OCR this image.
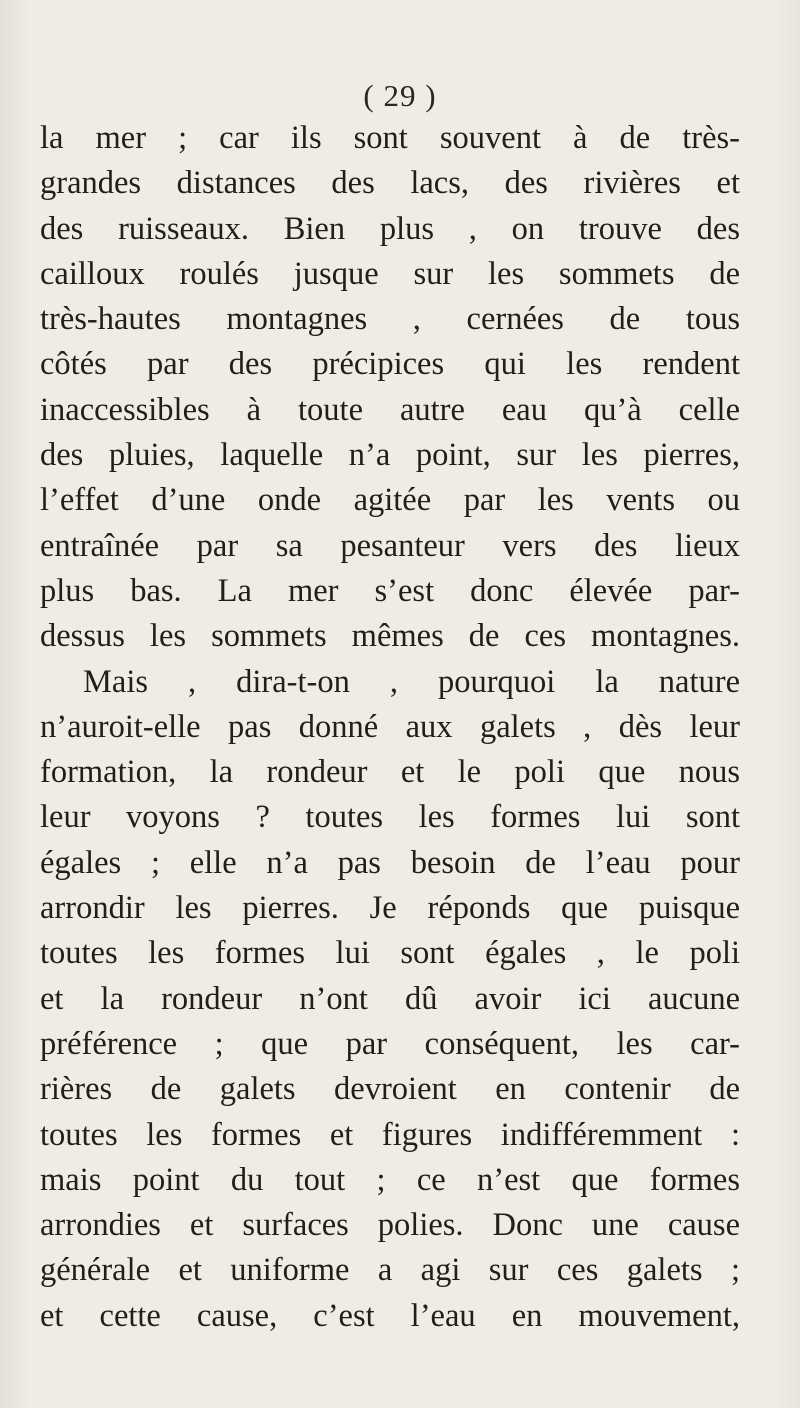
( 29 )
la mer ; car ils sont souvent à de très-
grandes distances des lacs, des rivières et
des ruisseaux. Bien plus , on trouve des
cailloux roulés jusque sur les sommets de
très-hautes montagnes , cernées de tous
côtés par des précipices qui les rendent
inaccessibles à toute autre eau qu’à celle
des pluies, laquelle n’a point, sur les pierres,
l’effet d’une onde agitée par les vents ou
entraînée par sa pesanteur vers des lieux
plus bas. La mer s’est donc élevée par-
dessus les sommets mêmes de ces montagnes.
Mais , dira-t-on , pourquoi la nature
n’auroit-elle pas donné aux galets , dès leur
formation, la rondeur et le poli que nous
leur voyons ? toutes les formes lui sont
égales ; elle n’a pas besoin de l’eau pour
arrondir les pierres. Je réponds que puisque
toutes les formes lui sont égales , le poli
et la rondeur n’ont dû avoir ici aucune
préférence ; que par conséquent, les car-
rières de galets devroient en contenir de
toutes les formes et figures indifféremment :
mais point du tout ; ce n’est que formes
arrondies et surfaces polies. Donc une cause
générale et uniforme a agi sur ces galets ;
et cette cause, c’est l’eau en mouvement,
